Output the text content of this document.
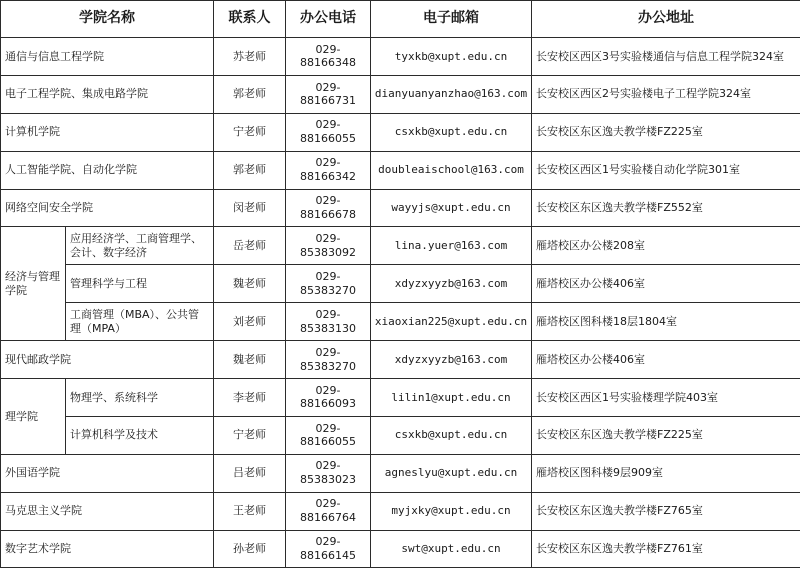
学院名称		联系人	办公电话	电子邮箱	办公地址
通信与信息工程学院		苏老师	029-88166348	tyxkb@xupt.edu.cn	长安校区西区3号实验楼通信与信息工程学院324室
电子工程学院、集成电路学院		郭老师	029-88166731	dianyuanyanzhao@163.com	长安校区西区2号实验楼电子工程学院324室
计算机学院		宁老师	029-88166055	csxkb@xupt.edu.cn	长安校区东区逸夫教学楼FZ225室
人工智能学院、自动化学院		郭老师	029-88166342	doubleaischool@163.com	长安校区西区1号实验楼自动化学院301室
网络空间安全学院		闵老师	029-88166678	wayyjs@xupt.edu.cn	长安校区东区逸夫教学楼FZ552室
经济与管理学院	应用经济学、工商管理学、会计、数字经济	岳老师	029-85383092	lina.yuer@163.com	雁塔校区办公楼208室
	管理科学与工程	魏老师	029-85383270	xdyzxyyzb@163.com	雁塔校区办公楼406室
	工商管理（MBA）、公共管理（MPA）	刘老师	029-85383130	xiaoxian225@xupt.edu.cn	雁塔校区图科楼18层1804室
现代邮政学院		魏老师	029-85383270	xdyzxyyzb@163.com	雁塔校区办公楼406室
理学院	物理学、系统科学	李老师	029-88166093	lilin1@xupt.edu.cn	长安校区西区1号实验楼理学院403室
	计算机科学及技术	宁老师	029-88166055	csxkb@xupt.edu.cn	长安校区东区逸夫教学楼FZ225室
外国语学院		吕老师	029-85383023	agneslyu@xupt.edu.cn	雁塔校区图科楼9层909室
马克思主义学院		王老师	029-88166764	myjxky@xupt.edu.cn	长安校区东区逸夫教学楼FZ765室
数字艺术学院		孙老师	029-88166145	swt@xupt.edu.cn	长安校区东区逸夫教学楼FZ761室
